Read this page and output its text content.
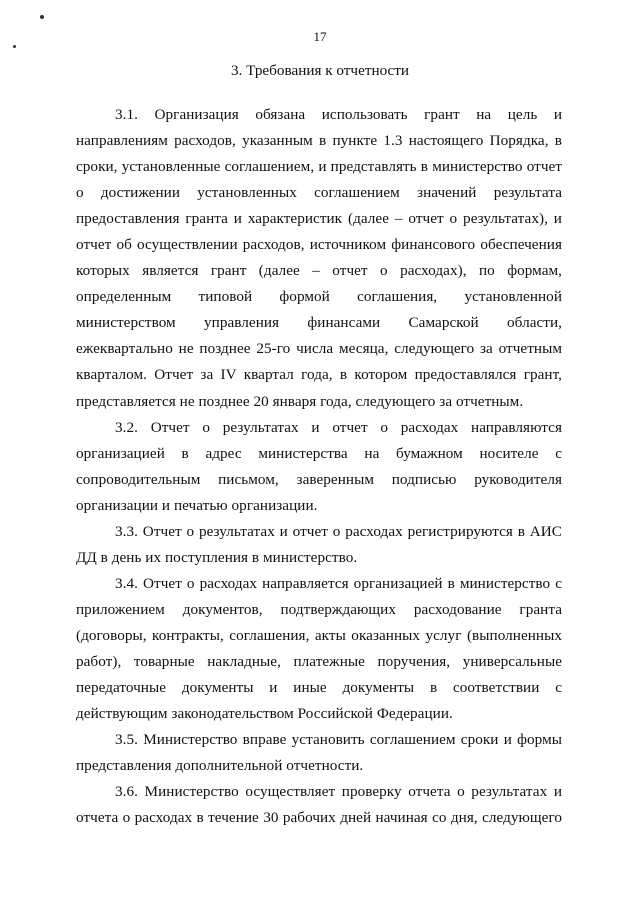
17
3. Требования к отчетности

3.1. Организация обязана использовать грант на цель и направлениям расходов, указанным в пункте 1.3 настоящего Порядка, в сроки, установленные соглашением, и представлять в министерство отчет о достижении установленных соглашением значений результата предоставления гранта и характеристик (далее – отчет о результатах), и отчет об осуществлении расходов, источником финансового обеспечения которых является грант (далее – отчет о расходах), по формам, определенным типовой формой соглашения, установленной министерством управления финансами Самарской области, ежеквартально не позднее 25-го числа месяца, следующего за отчетным кварталом. Отчет за IV квартал года, в котором предоставлялся грант, представляется не позднее 20 января года, следующего за отчетным.

3.2. Отчет о результатах и отчет о расходах направляются организацией в адрес министерства на бумажном носителе с сопроводительным письмом, заверенным подписью руководителя организации и печатью организации.

3.3. Отчет о результатах и отчет о расходах регистрируются в АИС ДД в день их поступления в министерство.

3.4. Отчет о расходах направляется организацией в министерство с приложением документов, подтверждающих расходование гранта (договоры, контракты, соглашения, акты оказанных услуг (выполненных работ), товарные накладные, платежные поручения, универсальные передаточные документы и иные документы в соответствии с действующим законодательством Российской Федерации.

3.5. Министерство вправе установить соглашением сроки и формы представления дополнительной отчетности.

3.6. Министерство осуществляет проверку отчета о результатах и отчета о расходах в течение 30 рабочих дней начиная со дня, следующего
